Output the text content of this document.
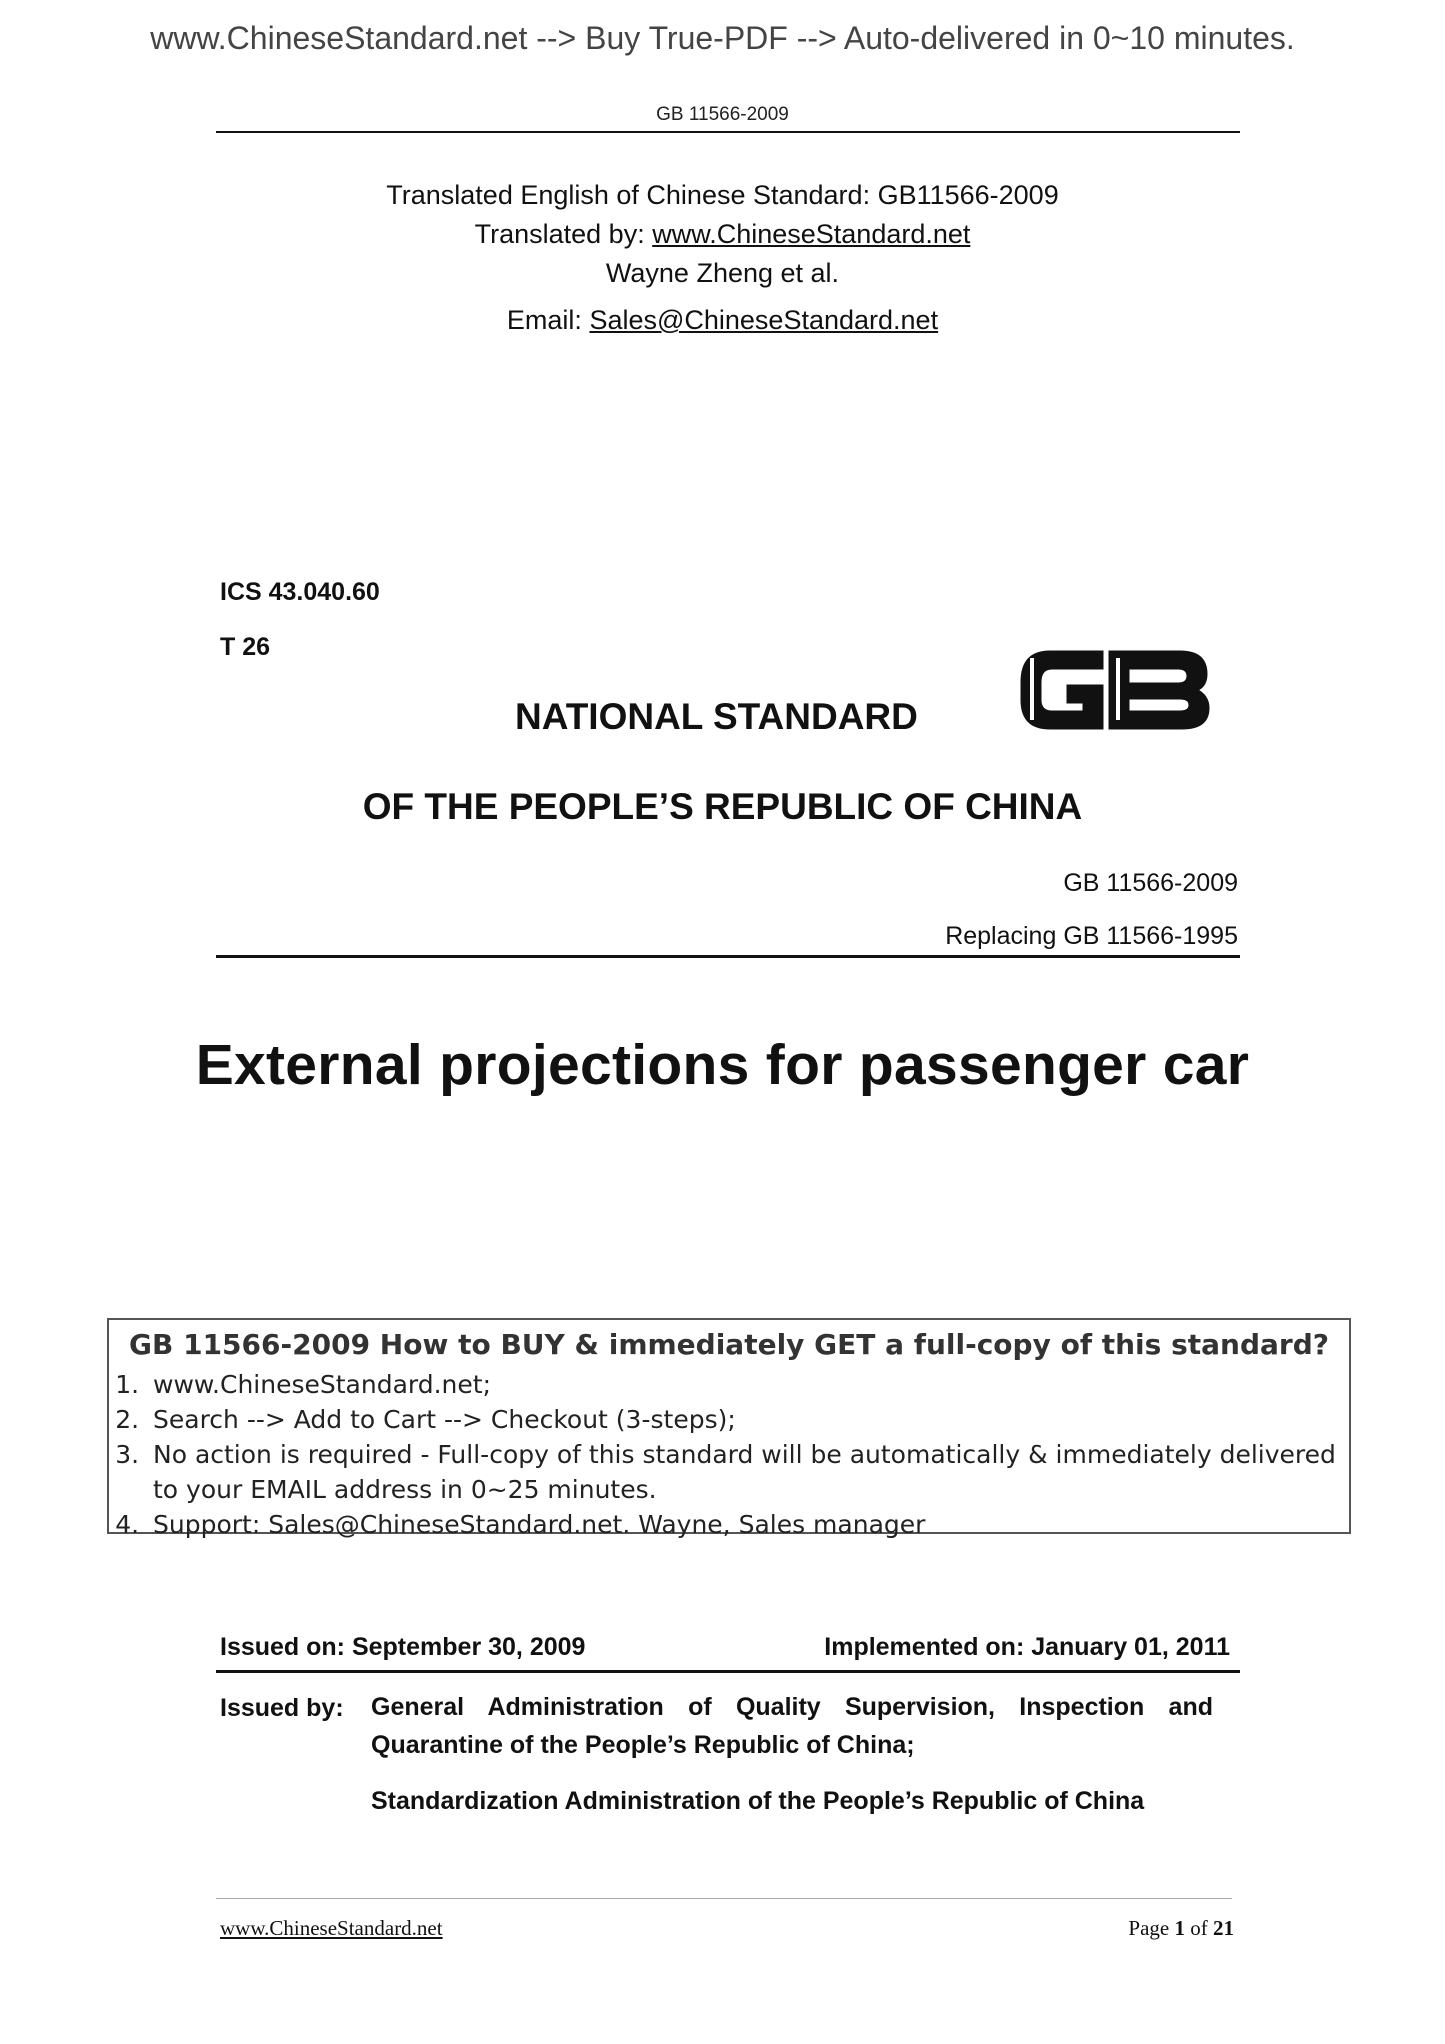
www.ChineseStandard.net --> Buy True-PDF --> Auto-delivered in 0~10 minutes.
GB 11566-2009
Translated English of Chinese Standard: GB11566-2009
Translated by: www.ChineseStandard.net
Wayne Zheng et al.
Email: Sales@ChineseStandard.net
ICS 43.040.60
T 26
NATIONAL STANDARD
OF THE PEOPLE’S REPUBLIC OF CHINA
GB 11566-2009
Replacing GB 11566-1995
External projections for passenger car
GB 11566-2009 How to BUY & immediately GET a full-copy of this standard?
1. www.ChineseStandard.net;
2. Search --> Add to Cart --> Checkout (3-steps);
3. No action is required - Full-copy of this standard will be automatically & immediately delivered to your EMAIL address in 0~25 minutes.
4. Support: Sales@ChineseStandard.net. Wayne, Sales manager
Issued on: September 30, 2009	Implemented on: January 01, 2011
Issued by: General Administration of Quality Supervision, Inspection and Quarantine of the People’s Republic of China;
Standardization Administration of the People’s Republic of China
www.ChineseStandard.net	Page 1 of 21
